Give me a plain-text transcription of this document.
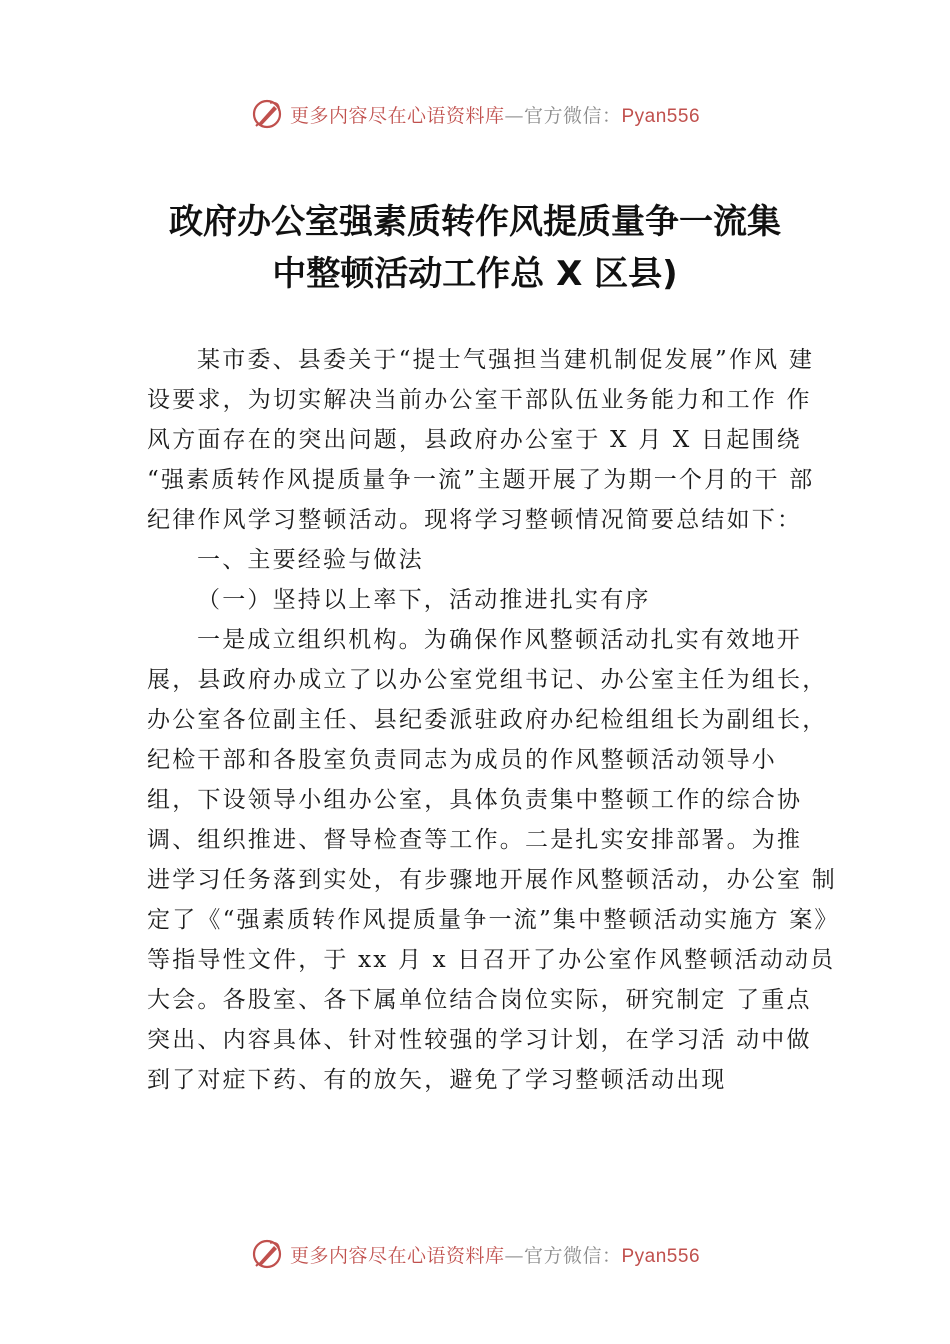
更多内容尽在心语资料库—官方微信：Pyan556
政府办公室强素质转作风提质量争一流集
中整顿活动工作总 X 区县)
某市委、县委关于“提士气强担当建机制促发展”作风 建
设要求，为切实解决当前办公室干部队伍业务能力和工作 作
风方面存在的突出问题，县政府办公室于 X 月 X 日起围绕
“强素质转作风提质量争一流”主题开展了为期一个月的干 部
纪律作风学习整顿活动。现将学习整顿情况简要总结如下：
一、主要经验与做法
（一）坚持以上率下，活动推进扎实有序
一是成立组织机构。为确保作风整顿活动扎实有效地开
展，县政府办成立了以办公室党组书记、办公室主任为组长，
办公室各位副主任、县纪委派驻政府办纪检组组长为副组长，
纪检干部和各股室负责同志为成员的作风整顿活动领导小
组，下设领导小组办公室，具体负责集中整顿工作的综合协
调、组织推进、督导检查等工作。二是扎实安排部署。为推
进学习任务落到实处，有步骤地开展作风整顿活动，办公室 制
定了《“强素质转作风提质量争一流”集中整顿活动实施方 案》
等指导性文件，于 xx 月 x 日召开了办公室作风整顿活动动员
大会。各股室、各下属单位结合岗位实际，研究制定 了重点
突出、内容具体、针对性较强的学习计划，在学习活 动中做
到了对症下药、有的放矢，避免了学习整顿活动出现
更多内容尽在心语资料库—官方微信：Pyan556
